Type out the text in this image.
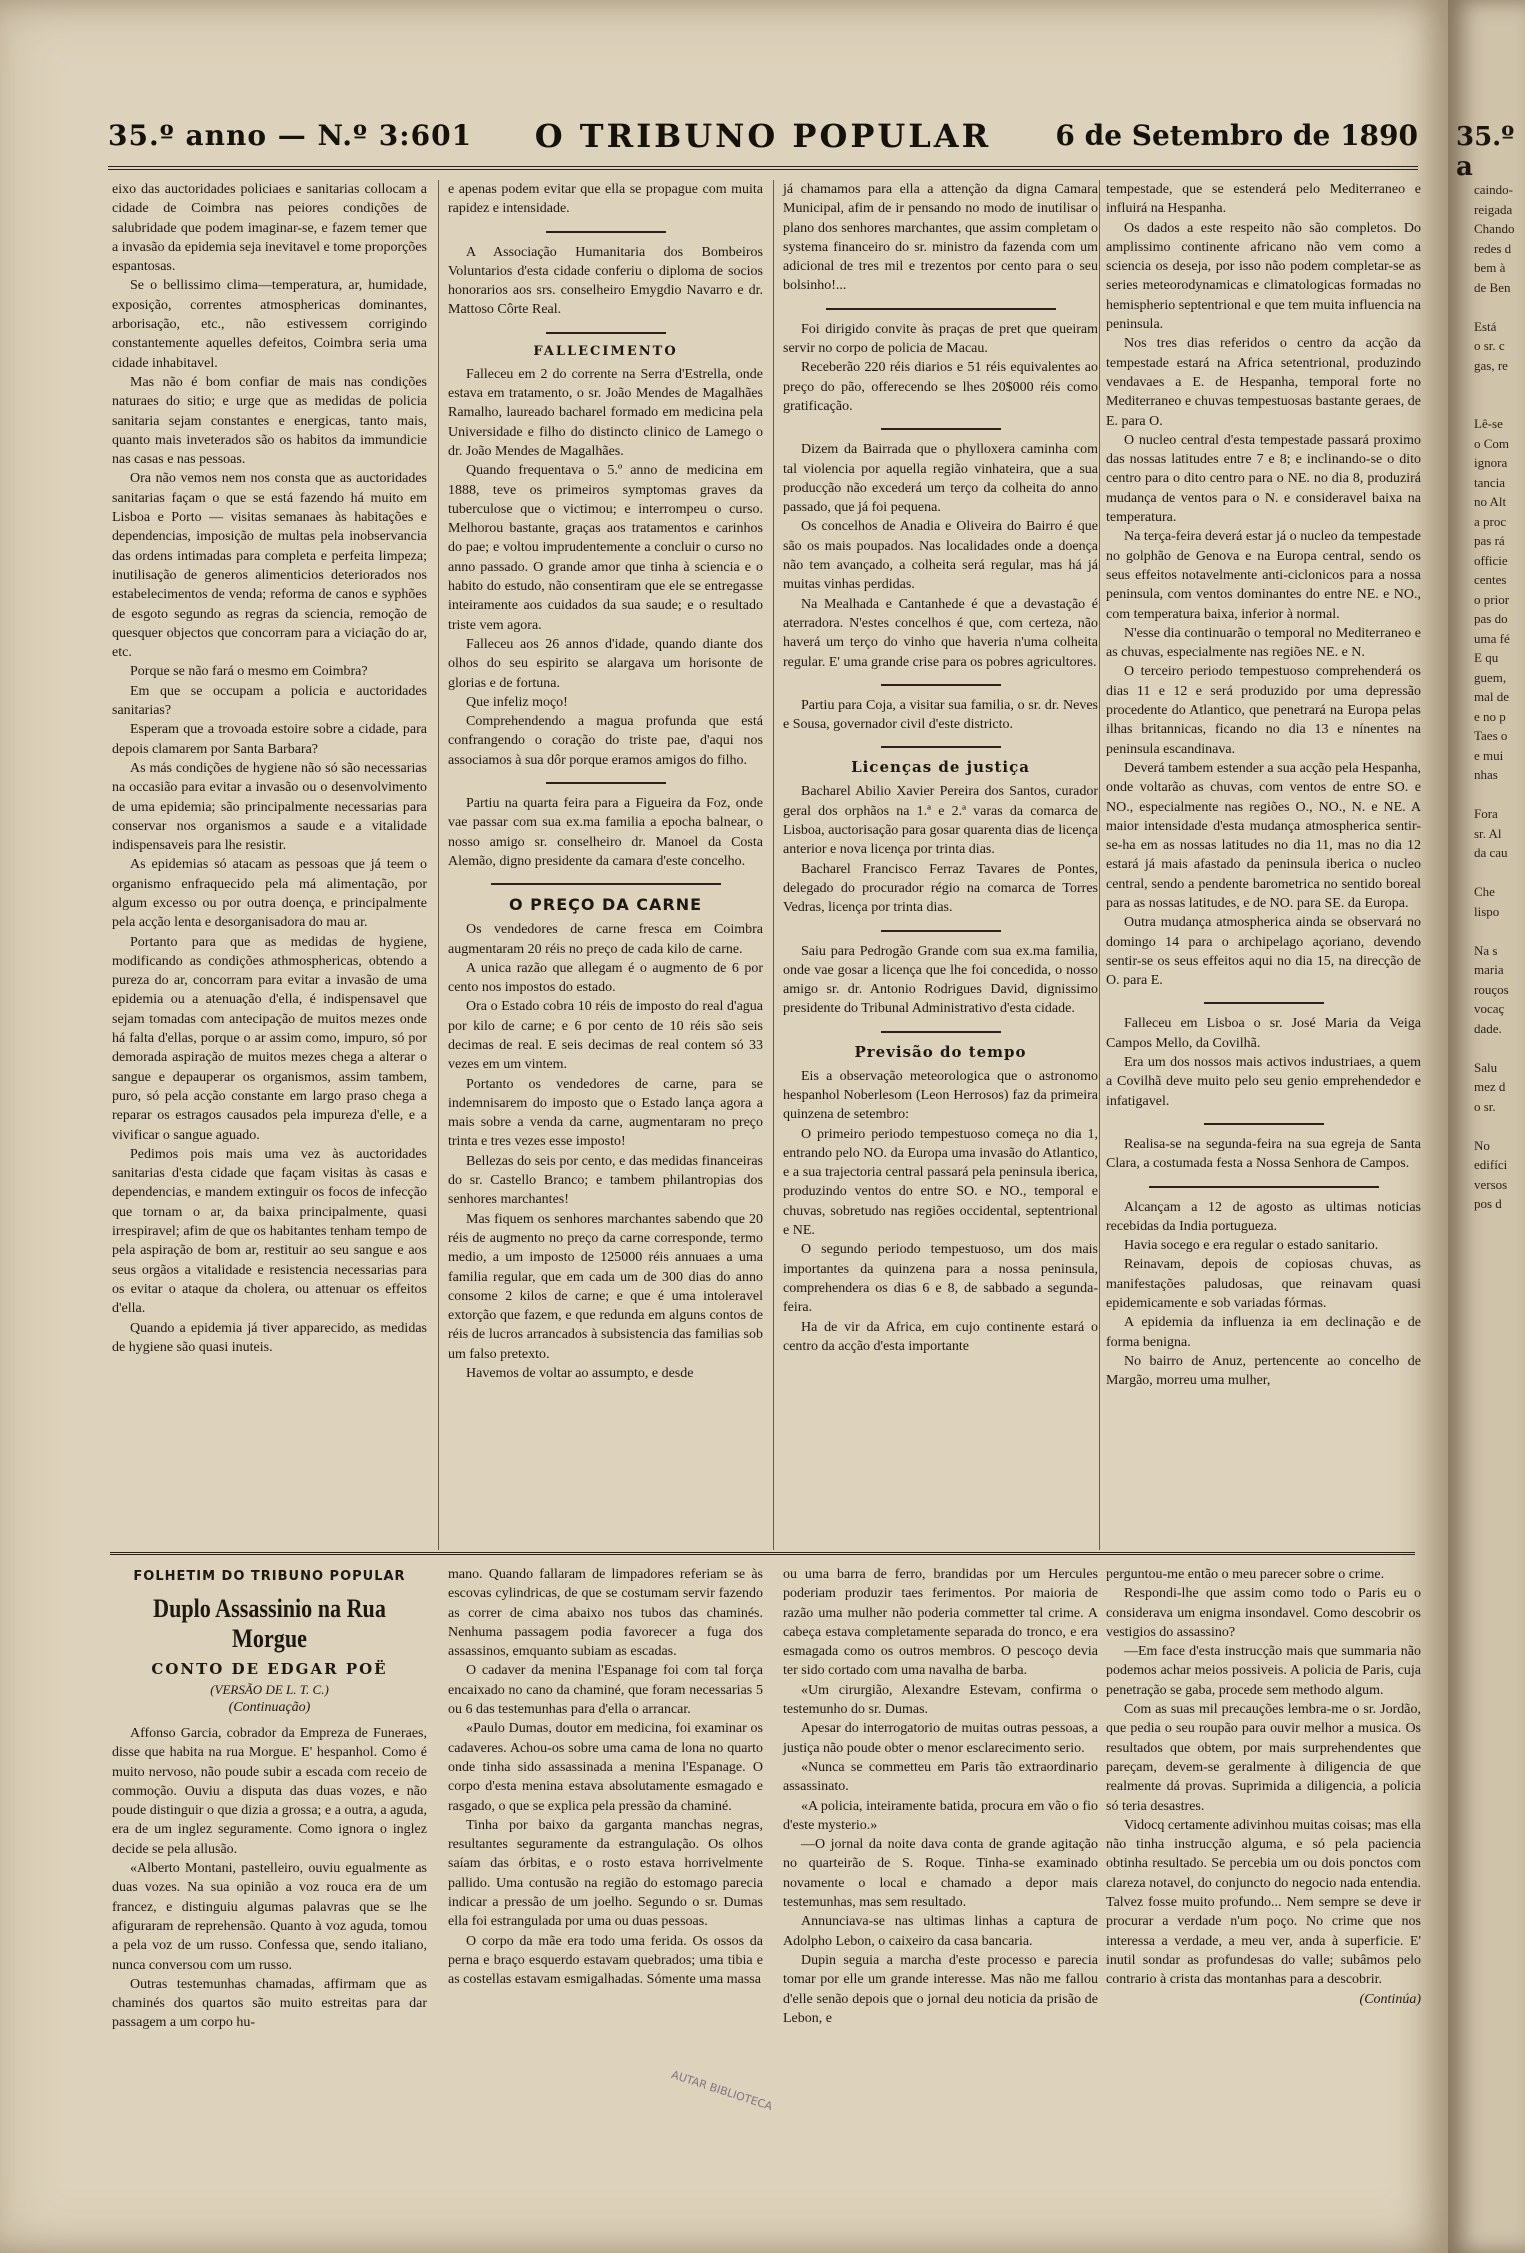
35.º anno — N.º 3:601	O TRIBUNO POPULAR	6 de Setembro de 1890

eixo das auctoridades policiaes e sanitarias collocam a cidade de Coimbra nas peiores condições de salubridade que podem imaginar-se, e fazem temer que a invasão da epidemia seja inevitavel e tome proporções espantosas.

Se o bellissimo clima—temperatura, ar, humidade, exposição, correntes atmosphericas dominantes, arborisação, etc., não estivessem corrigindo constantemente aquelles defeitos, Coimbra seria uma cidade inhabitavel.

Mas não é bom confiar de mais nas condições naturaes do sitio; e urge que as medidas de policia sanitaria sejam constantes e energicas, tanto mais, quanto mais inveterados são os habitos da immundicie nas casas e nas pessoas.

Ora não vemos nem nos consta que as auctoridades sanitarias façam o que se está fazendo há muito em Lisboa e Porto — visitas semanaes às habitações e dependencias, imposição de multas pela inobservancia das ordens intimadas para completa e perfeita limpeza; inutilisação de generos alimenticios deteriorados nos estabelecimentos de venda; reforma de canos e syphões de esgoto segundo as regras da sciencia, remoção de quesquer objectos que concorram para a viciação do ar, etc.

Porque se não fará o mesmo em Coimbra?

Em que se occupam a policia e auctoridades sanitarias?

Esperam que a trovoada estoire sobre a cidade, para depois clamarem por Santa Barbara?

As más condições de hygiene não só são necessarias na occasião para evitar a invasão ou o desenvolvimento de uma epidemia; são principalmente necessarias para conservar nos organismos a saude e a vitalidade indispensaveis para lhe resistir.

As epidemias só atacam as pessoas que já teem o organismo enfraquecido pela má alimentação, por algum excesso ou por outra doença, e principalmente pela acção lenta e desorganisadora do mau ar.

Portanto para que as medidas de hygiene, modificando as condições athmosphericas, obtendo a pureza do ar, concorram para evitar a invasão de uma epidemia ou a atenuação d'ella, é indispensavel que sejam tomadas com antecipação de muitos mezes onde há falta d'ellas, porque o ar assim como, impuro, só por demorada aspiração de muitos mezes chega a alterar o sangue e depauperar os organismos, assim tambem, puro, só pela acção constante em largo praso chega a reparar os estragos causados pela impureza d'elle, e a vivificar o sangue aguado.

Pedimos pois mais uma vez às auctoridades sanitarias d'esta cidade que façam visitas às casas e dependencias, e mandem extinguir os focos de infecção que tornam o ar, da baixa principalmente, quasi irrespiravel; afim de que os habitantes tenham tempo de pela aspiração de bom ar, restituir ao seu sangue e aos seus orgãos a vitalidade e resistencia necessarias para os evitar o ataque da cholera, ou attenuar os effeitos d'ella.

Quando a epidemia já tiver apparecido, as medidas de hygiene são quasi inuteis.

e apenas podem evitar que ella se propague com muita rapidez e intensidade.

A Associação Humanitaria dos Bombeiros Voluntarios d'esta cidade conferiu o diploma de socios honorarios aos srs. conselheiro Emygdio Navarro e dr. Mattoso Côrte Real.

FALLECIMENTO

Falleceu em 2 do corrente na Serra d'Estrella, onde estava em tratamento, o sr. João Mendes de Magalhães Ramalho, laureado bacharel formado em medicina pela Universidade e filho do distincto clinico de Lamego o dr. João Mendes de Magalhães.

Quando frequentava o 5.º anno de medicina em 1888, teve os primeiros symptomas graves da tuberculose que o victimou; e interrompeu o curso. Melhorou bastante, graças aos tratamentos e carinhos do pae; e voltou imprudentemente a concluir o curso no anno passado. O grande amor que tinha à sciencia e o habito do estudo, não consentiram que ele se entregasse inteiramente aos cuidados da sua saude; e o resultado triste vem agora.

Falleceu aos 26 annos d'idade, quando diante dos olhos do seu espirito se alargava um horisonte de glorias e de fortuna.

Que infeliz moço!

Comprehendendo a magua profunda que está confrangendo o coração do triste pae, d'aqui nos associamos à sua dôr porque eramos amigos do filho.

Partiu na quarta feira para a Figueira da Foz, onde vae passar com sua ex.ma familia a epocha balnear, o nosso amigo sr. conselheiro dr. Manoel da Costa Alemão, digno presidente da camara d'este concelho.

O PREÇO DA CARNE

Os vendedores de carne fresca em Coimbra augmentaram 20 réis no preço de cada kilo de carne.

A unica razão que allegam é o augmento de 6 por cento nos impostos do estado.

Ora o Estado cobra 10 réis de imposto do real d'agua por kilo de carne; e 6 por cento de 10 réis são seis decimas de real. E seis decimas de real contem só 33 vezes em um vintem.

Portanto os vendedores de carne, para se indemnisarem do imposto que o Estado lança agora a mais sobre a venda da carne, augmentaram no preço trinta e tres vezes esse imposto!

Bellezas do seis por cento, e das medidas financeiras do sr. Castello Branco; e tambem philantropias dos senhores marchantes!

Mas fiquem os senhores marchantes sabendo que 20 réis de augmento no preço da carne corresponde, termo medio, a um imposto de 125000 réis annuaes a uma familia regular, que em cada um de 300 dias do anno consome 2 kilos de carne; e que é uma intoleravel extorção que fazem, e que redunda em alguns contos de réis de lucros arrancados à subsistencia das familias sob um falso pretexto.

Havemos de voltar ao assumpto, e desde

já chamamos para ella a attenção da digna Camara Municipal, afim de ir pensando no modo de inutilisar o plano dos senhores marchantes, que assim completam o systema financeiro do sr. ministro da fazenda com um adicional de tres mil e trezentos por cento para o seu bolsinho!...

Foi dirigido convite às praças de pret que queiram servir no corpo de policia de Macau.

Receberão 220 réis diarios e 51 réis equivalentes ao preço do pão, offerecendo se lhes 20$000 réis como gratificação.

Dizem da Bairrada que o phylloxera caminha com tal violencia por aquella região vinhateira, que a sua producção não excederá um terço da colheita do anno passado, que já foi pequena.

Os concelhos de Anadia e Oliveira do Bairro é que são os mais poupados. Nas localidades onde a doença não tem avançado, a colheita será regular, mas há já muitas vinhas perdidas.

Na Mealhada e Cantanhede é que a devastação é aterradora. N'estes concelhos é que, com certeza, não haverá um terço do vinho que haveria n'uma colheita regular. E' uma grande crise para os pobres agricultores.

Partiu para Coja, a visitar sua familia, o sr. dr. Neves e Sousa, governador civil d'este districto.

Licenças de justiça

Bacharel Abilio Xavier Pereira dos Santos, curador geral dos orphãos na 1.ª e 2.ª varas da comarca de Lisboa, auctorisação para gosar quarenta dias de licença anterior e nova licença por trinta dias.

Bacharel Francisco Ferraz Tavares de Pontes, delegado do procurador régio na comarca de Torres Vedras, licença por trinta dias.

Saiu para Pedrogão Grande com sua ex.ma familia, onde vae gosar a licença que lhe foi concedida, o nosso amigo sr. dr. Antonio Rodrigues David, dignissimo presidente do Tribunal Administrativo d'esta cidade.

Previsão do tempo

Eis a observação meteorologica que o astronomo hespanhol Noberlesom (Leon Herrosos) faz da primeira quinzena de setembro:

O primeiro periodo tempestuoso começa no dia 1, entrando pelo NO. da Europa uma invasão do Atlantico, e a sua trajectoria central passará pela peninsula iberica, produzindo ventos do entre SO. e NO., temporal e chuvas, sobretudo nas regiões occidental, septentrional e NE.

O segundo periodo tempestuoso, um dos mais importantes da quinzena para a nossa peninsula, comprehendera os dias 6 e 8, de sabbado a segunda-feira.

Ha de vir da Africa, em cujo continente estará o centro da acção d'esta importante

tempestade, que se estenderá pelo Mediterraneo e influirá na Hespanha.

Os dados a este respeito não são completos. Do amplissimo continente africano não vem como a sciencia os deseja, por isso não podem completar-se as series meteorodynamicas e climatologicas formadas no hemispherio septentrional e que tem muita influencia na peninsula.

Nos tres dias referidos o centro da acção da tempestade estará na Africa setentrional, produzindo vendavaes a E. de Hespanha, temporal forte no Mediterraneo e chuvas tempestuosas bastante geraes, de E. para O.

O nucleo central d'esta tempestade passará proximo das nossas latitudes entre 7 e 8; e inclinando-se o dito centro para o dito centro para o NE. no dia 8, produzirá mudança de ventos para o N. e consideravel baixa na temperatura.

Na terça-feira deverá estar já o nucleo da tempestade no golphão de Genova e na Europa central, sendo os seus effeitos notavelmente anti-ciclonicos para a nossa peninsula, com ventos dominantes do entre NE. e NO., com temperatura baixa, inferior à normal.

N'esse dia continuarão o temporal no Mediterraneo e as chuvas, especialmente nas regiões NE. e N.

O terceiro periodo tempestuoso comprehenderá os dias 11 e 12 e será produzido por uma depressão procedente do Atlantico, que penetrará na Europa pelas ilhas britannicas, ficando no dia 13 e nínentes na peninsula escandinava.

Deverá tambem estender a sua acção pela Hespanha, onde voltarão as chuvas, com ventos de entre SO. e NO., especialmente nas regiões O., NO., N. e NE. A maior intensidade d'esta mudança atmospherica sentir-se-ha em as nossas latitudes no dia 11, mas no dia 12 estará já mais afastado da peninsula iberica o nucleo central, sendo a pendente barometrica no sentido boreal para as nossas latitudes, e de NO. para SE. da Europa.

Outra mudança atmospherica ainda se observará no domingo 14 para o archipelago açoriano, devendo sentir-se os seus effeitos aqui no dia 15, na direcção de O. para E.

Falleceu em Lisboa o sr. José Maria da Veiga Campos Mello, da Covilhã.

Era um dos nossos mais activos industriaes, a quem a Covilhã deve muito pelo seu genio emprehendedor e infatigavel.

Realisa-se na segunda-feira na sua egreja de Santa Clara, a costumada festa a Nossa Senhora de Campos.

Alcançam a 12 de agosto as ultimas noticias recebidas da India portugueza.

Havia socego e era regular o estado sanitario.

Reinavam, depois de copiosas chuvas, as manifestações paludosas, que reinavam quasi epidemicamente e sob variadas fórmas.

A epidemia da influenza ia em declinação e de forma benigna.

No bairro de Anuz, pertencente ao concelho de Margão, morreu uma mulher,

FOLHETIM DO TRIBUNO POPULAR
Duplo Assassinio na Rua Morgue
CONTO DE EDGAR POË
(VERSÃO DE L. T. C.)
(Continuação)

Affonso Garcia, cobrador da Empreza de Funeraes, disse que habita na rua Morgue. E' hespanhol. Como é muito nervoso, não poude subir a escada com receio de commoção. Ouviu a disputa das duas vozes, e não poude distinguir o que dizia a grossa; e a outra, a aguda, era de um inglez seguramente. Como ignora o inglez decide se pela allusão.

«Alberto Montani, pastelleiro, ouviu egualmente as duas vozes. Na sua opinião a voz rouca era de um francez, e distinguiu algumas palavras que se lhe afiguraram de reprehensão. Quanto à voz aguda, tomou a pela voz de um russo. Confessa que, sendo italiano, nunca conversou com um russo.

Outras testemunhas chamadas, affirmam que as chaminés dos quartos são muito estreitas para dar passagem a um corpo hu-

mano. Quando fallaram de limpadores referiam se às escovas cylindricas, de que se costumam servir fazendo as correr de cima abaixo nos tubos das chaminés. Nenhuma passagem podia favorecer a fuga dos assassinos, emquanto subiam as escadas.

O cadaver da menina l'Espanage foi com tal força encaixado no cano da chaminé, que foram necessarias 5 ou 6 das testemunhas para d'ella o arrancar.

«Paulo Dumas, doutor em medicina, foi examinar os cadaveres. Achou-os sobre uma cama de lona no quarto onde tinha sido assassinada a menina l'Espanage. O corpo d'esta menina estava absolutamente esmagado e rasgado, o que se explica pela pressão da chaminé.

Tinha por baixo da garganta manchas negras, resultantes seguramente da estrangulação. Os olhos saíam das órbitas, e o rosto estava horrivelmente pallido. Uma contusão na região do estomago parecia indicar a pressão de um joelho. Segundo o sr. Dumas ella foi estrangulada por uma ou duas pessoas.

O corpo da mãe era todo uma ferida. Os ossos da perna e braço esquerdo estavam quebrados; uma tibia e as costellas estavam esmigalhadas. Sómente uma massa

ou uma barra de ferro, brandidas por um Hercules poderiam produzir taes ferimentos. Por maioria de razão uma mulher não poderia commetter tal crime. A cabeça estava completamente separada do tronco, e era esmagada como os outros membros. O pescoço devia ter sido cortado com uma navalha de barba.

«Um cirurgião, Alexandre Estevam, confirma o testemunho do sr. Dumas.

Apesar do interrogatorio de muitas outras pessoas, a justiça não poude obter o menor esclarecimento serio.

«Nunca se commetteu em Paris tão extraordinario assassinato.

«A policia, inteiramente batida, procura em vão o fio d'este mysterio.»

—O jornal da noite dava conta de grande agitação no quarteirão de S. Roque. Tinha-se examinado novamente o local e chamado a depor mais testemunhas, mas sem resultado.

Annunciava-se nas ultimas linhas a captura de Adolpho Lebon, o caixeiro da casa bancaria.

Dupin seguia a marcha d'este processo e parecia tomar por elle um grande interesse. Mas não me fallou d'elle senão depois que o jornal deu noticia da prisão de Lebon, e

perguntou-me então o meu parecer sobre o crime.

Respondi-lhe que assim como todo o Paris eu o considerava um enigma insondavel. Como descobrir os vestigios do assassino?

—Em face d'esta instrucção mais que summaria não podemos achar meios possiveis. A policia de Paris, cuja penetração se gaba, procede sem methodo algum.

Com as suas mil precauções lembra-me o sr. Jordão, que pedia o seu roupão para ouvir melhor a musica. Os resultados que obtem, por mais surprehendentes que pareçam, devem-se geralmente à diligencia de que realmente dá provas. Suprimida a diligencia, a policia só teria desastres.

Vidocq certamente adivinhou muitas coisas; mas ella não tinha instrucção alguma, e só pela paciencia obtinha resultado. Se percebia um ou dois ponctos com clareza notavel, do conjuncto do negocio nada entendia. Talvez fosse muito profundo... Nem sempre se deve ir procurar a verdade n'um poço. No crime que nos interessa a verdade, a meu ver, anda à superficie. E' inutil sondar as profundesas do valle; subâmos pelo contrario à crista das montanhas para a descobrir.

(Continúa)

AUTAR BIBLIOTECA
35.º a

caindo-

reigada

Chando

redes d

bem à

de Ben

Está

o sr. c

gas, re

Lê-se

o Com

ignora

tancia

no Alt

a proc

pas rá

officie

centes

o prior

pas do

uma fé

E qu

guem,

mal de

e no p

Taes o

e mui

nhas

Fora

sr. Al

da cau

Che

lispo

Na s

maria

rouços

vocaç

dade.

Salu

mez d

o sr.

No

edifíci

versos

pos d
